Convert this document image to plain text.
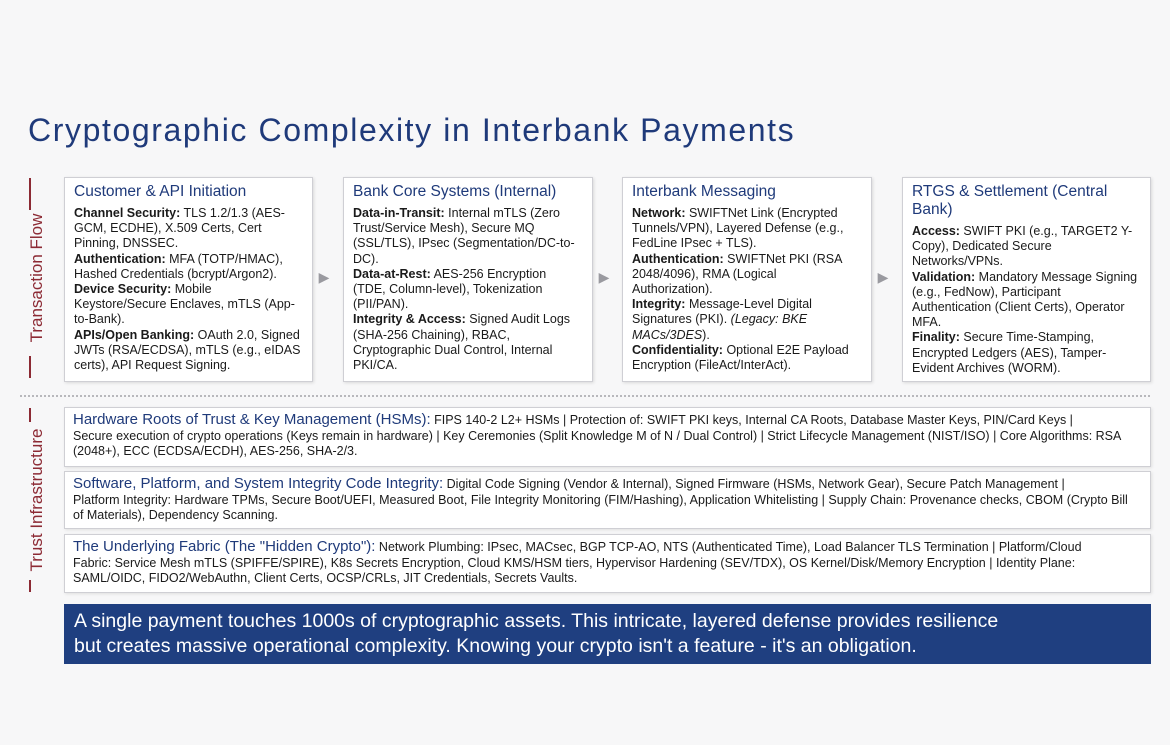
Cryptographic Complexity in Interbank Payments
Transaction Flow
Trust Infrastructure
Customer & API Initiation
Channel Security: TLS 1.2/1.3 (AES-
GCM, ECDHE), X.509 Certs, Cert
Pinning, DNSSEC.
Authentication: MFA (TOTP/HMAC),
Hashed Credentials (bcrypt/Argon2).
Device Security: Mobile
Keystore/Secure Enclaves, mTLS (App-
to-Bank).
APIs/Open Banking: OAuth 2.0, Signed
JWTs (RSA/ECDSA), mTLS (e.g., eIDAS
certs), API Request Signing.
▶
Bank Core Systems (Internal)
Data-in-Transit: Internal mTLS (Zero
Trust/Service Mesh), Secure MQ
(SSL/TLS), IPsec (Segmentation/DC-to-
DC).
Data-at-Rest: AES-256 Encryption
(TDE, Column-level), Tokenization
(PII/PAN).
Integrity & Access: Signed Audit Logs
(SHA-256 Chaining), RBAC,
Cryptographic Dual Control, Internal
PKI/CA.
▶
Interbank Messaging
Network: SWIFTNet Link (Encrypted
Tunnels/VPN), Layered Defense (e.g.,
FedLine IPsec + TLS).
Authentication: SWIFTNet PKI (RSA
2048/4096), RMA (Logical
Authorization).
Integrity: Message-Level Digital
Signatures (PKI). (Legacy: BKE
MACs/3DES).
Confidentiality: Optional E2E Payload
Encryption (FileAct/InterAct).
▶
RTGS & Settlement (Central Bank)
Access: SWIFT PKI (e.g., TARGET2 Y-
Copy), Dedicated Secure
Networks/VPNs.
Validation: Mandatory Message Signing
(e.g., FedNow), Participant
Authentication (Client Certs), Operator
MFA.
Finality: Secure Time-Stamping,
Encrypted Ledgers (AES), Tamper-
Evident Archives (WORM).
Hardware Roots of Trust & Key Management (HSMs): FIPS 140-2 L2+ HSMs | Protection of: SWIFT PKI keys, Internal CA Roots, Database Master Keys, PIN/Card Keys |
Secure execution of crypto operations (Keys remain in hardware) | Key Ceremonies (Split Knowledge M of N / Dual Control) | Strict Lifecycle Management (NIST/ISO) | Core Algorithms: RSA
(2048+), ECC (ECDSA/ECDH), AES-256, SHA-2/3.
Software, Platform, and System Integrity Code Integrity: Digital Code Signing (Vendor & Internal), Signed Firmware (HSMs, Network Gear), Secure Patch Management |
Platform Integrity: Hardware TPMs, Secure Boot/UEFI, Measured Boot, File Integrity Monitoring (FIM/Hashing), Application Whitelisting | Supply Chain: Provenance checks, CBOM (Crypto Bill
of Materials), Dependency Scanning.
The Underlying Fabric (The "Hidden Crypto"): Network Plumbing: IPsec, MACsec, BGP TCP-AO, NTS (Authenticated Time), Load Balancer TLS Termination | Platform/Cloud
Fabric: Service Mesh mTLS (SPIFFE/SPIRE), K8s Secrets Encryption, Cloud KMS/HSM tiers, Hypervisor Hardening (SEV/TDX), OS Kernel/Disk/Memory Encryption | Identity Plane:
SAML/OIDC, FIDO2/WebAuthn, Client Certs, OCSP/CRLs, JIT Credentials, Secrets Vaults.
A single payment touches 1000s of cryptographic assets. This intricate, layered defense provides resilience
but creates massive operational complexity. Knowing your crypto isn't a feature - it's an obligation.
